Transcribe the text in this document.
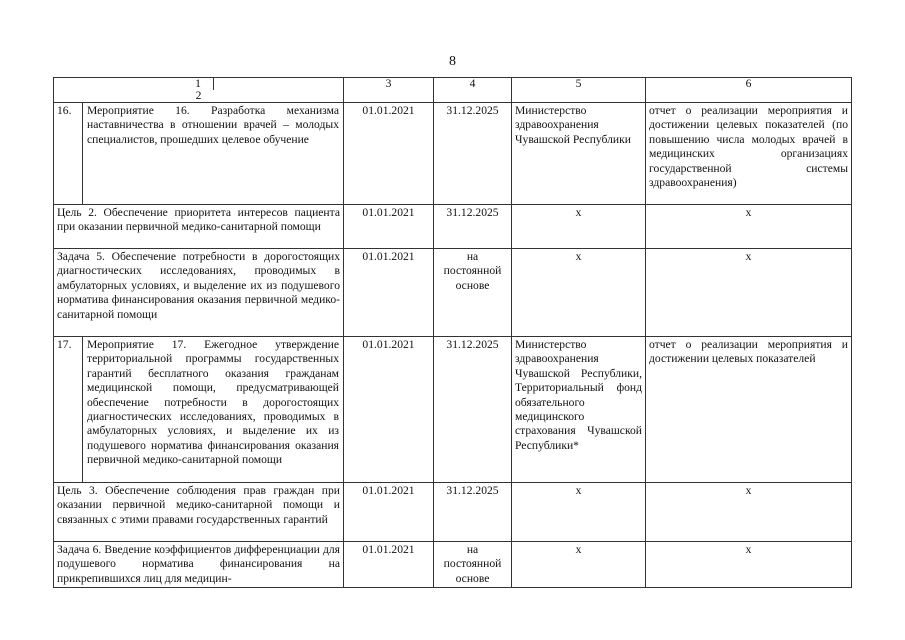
8
12	3	4	5	6

16. Мероприятие 16. Разработка механизма наставничества в отношении врачей – молодых специалистов, прошедших целевое обучение	01.01.2021	31.12.2025	Министерство здравоохранения Чувашской Республики	отчет о реализации мероприятия и достижении целевых показателей (по повышению числа молодых врачей в медицинских организациях государственной системы здравоохранения)
Цель 2. Обеспечение приоритета интересов пациента при оказании первичной медико-санитарной помощи	01.01.2021	31.12.2025	х	х
Задача 5. Обеспечение потребности в дорогостоящих диагностических исследованиях, проводимых в амбулаторных условиях, и выделение их из подушевого норматива финансирования оказания первичной медико-санитарной помощи	01.01.2021	на постоянной основе	х	х

17. Мероприятие 17. Ежегодное утверждение территориальной программы государственных гарантий бесплатного оказания гражданам медицинской помощи, предусматривающей обеспечение потребности в дорогостоящих диагностических исследованиях, проводимых в амбулаторных условиях, и выделение их из подушевого норматива финансирования оказания первичной медико-санитарной помощи	01.01.2021	31.12.2025	Министерство здравоохранения Чувашской Республики, Территориальный фонд обязательного медицинского страхования Чувашской Республики*	отчет о реализации мероприятия и достижении целевых показателей
Цель 3. Обеспечение соблюдения прав граждан при оказании первичной медико-санитарной помощи и связанных с этими правами государственных гарантий	01.01.2021	31.12.2025	х	х
Задача 6. Введение коэффициентов дифференциации для подушевого норматива финансирования на прикрепившихся лиц для медицин-	01.01.2021	на постоянной основе	х	х
